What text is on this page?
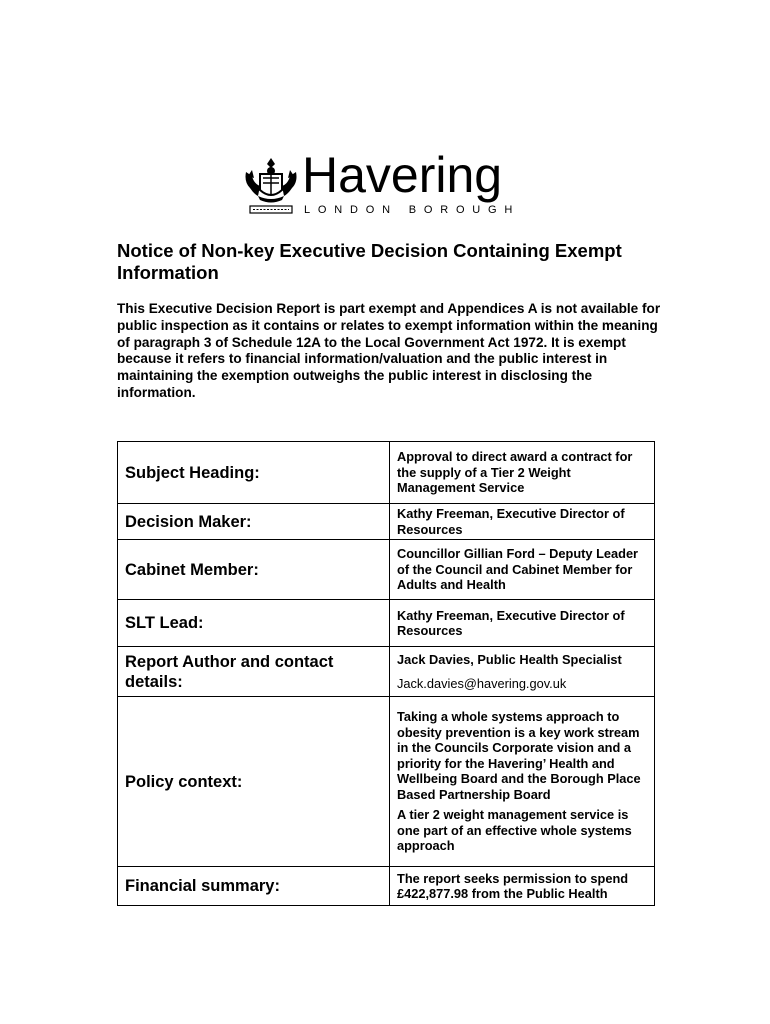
Havering
LONDON BOROUGH
Notice of Non-key Executive Decision Containing Exempt Information

This Executive Decision Report is part exempt and Appendices A is not available for public inspection as it contains or relates to exempt information within the meaning of paragraph 3 of Schedule 12A to the Local Government Act 1972. It is exempt because it refers to financial information/valuation and the public interest in maintaining the exemption outweighs the public interest in disclosing the information.

Subject Heading:	Approval to direct award a contract for the supply of a Tier 2 Weight Management Service
Decision Maker:	Kathy Freeman, Executive Director of Resources
Cabinet Member:	Councillor Gillian Ford – Deputy Leader of the Council and Cabinet Member for Adults and Health
SLT Lead:	Kathy Freeman, Executive Director of Resources
Report Author and contact details:	Jack Davies, Public Health Specialist
Jack.davies@havering.gov.uk

Policy context:	Taking a whole systems approach to obesity prevention is a key work stream in the Councils Corporate vision and a priority for the Havering’ Health and Wellbeing Board and the Borough Place Based Partnership Board

A tier 2 weight management service is one part of an effective whole systems approach

Financial summary:	The report seeks permission to spend £422,877.98 from the Public Health
